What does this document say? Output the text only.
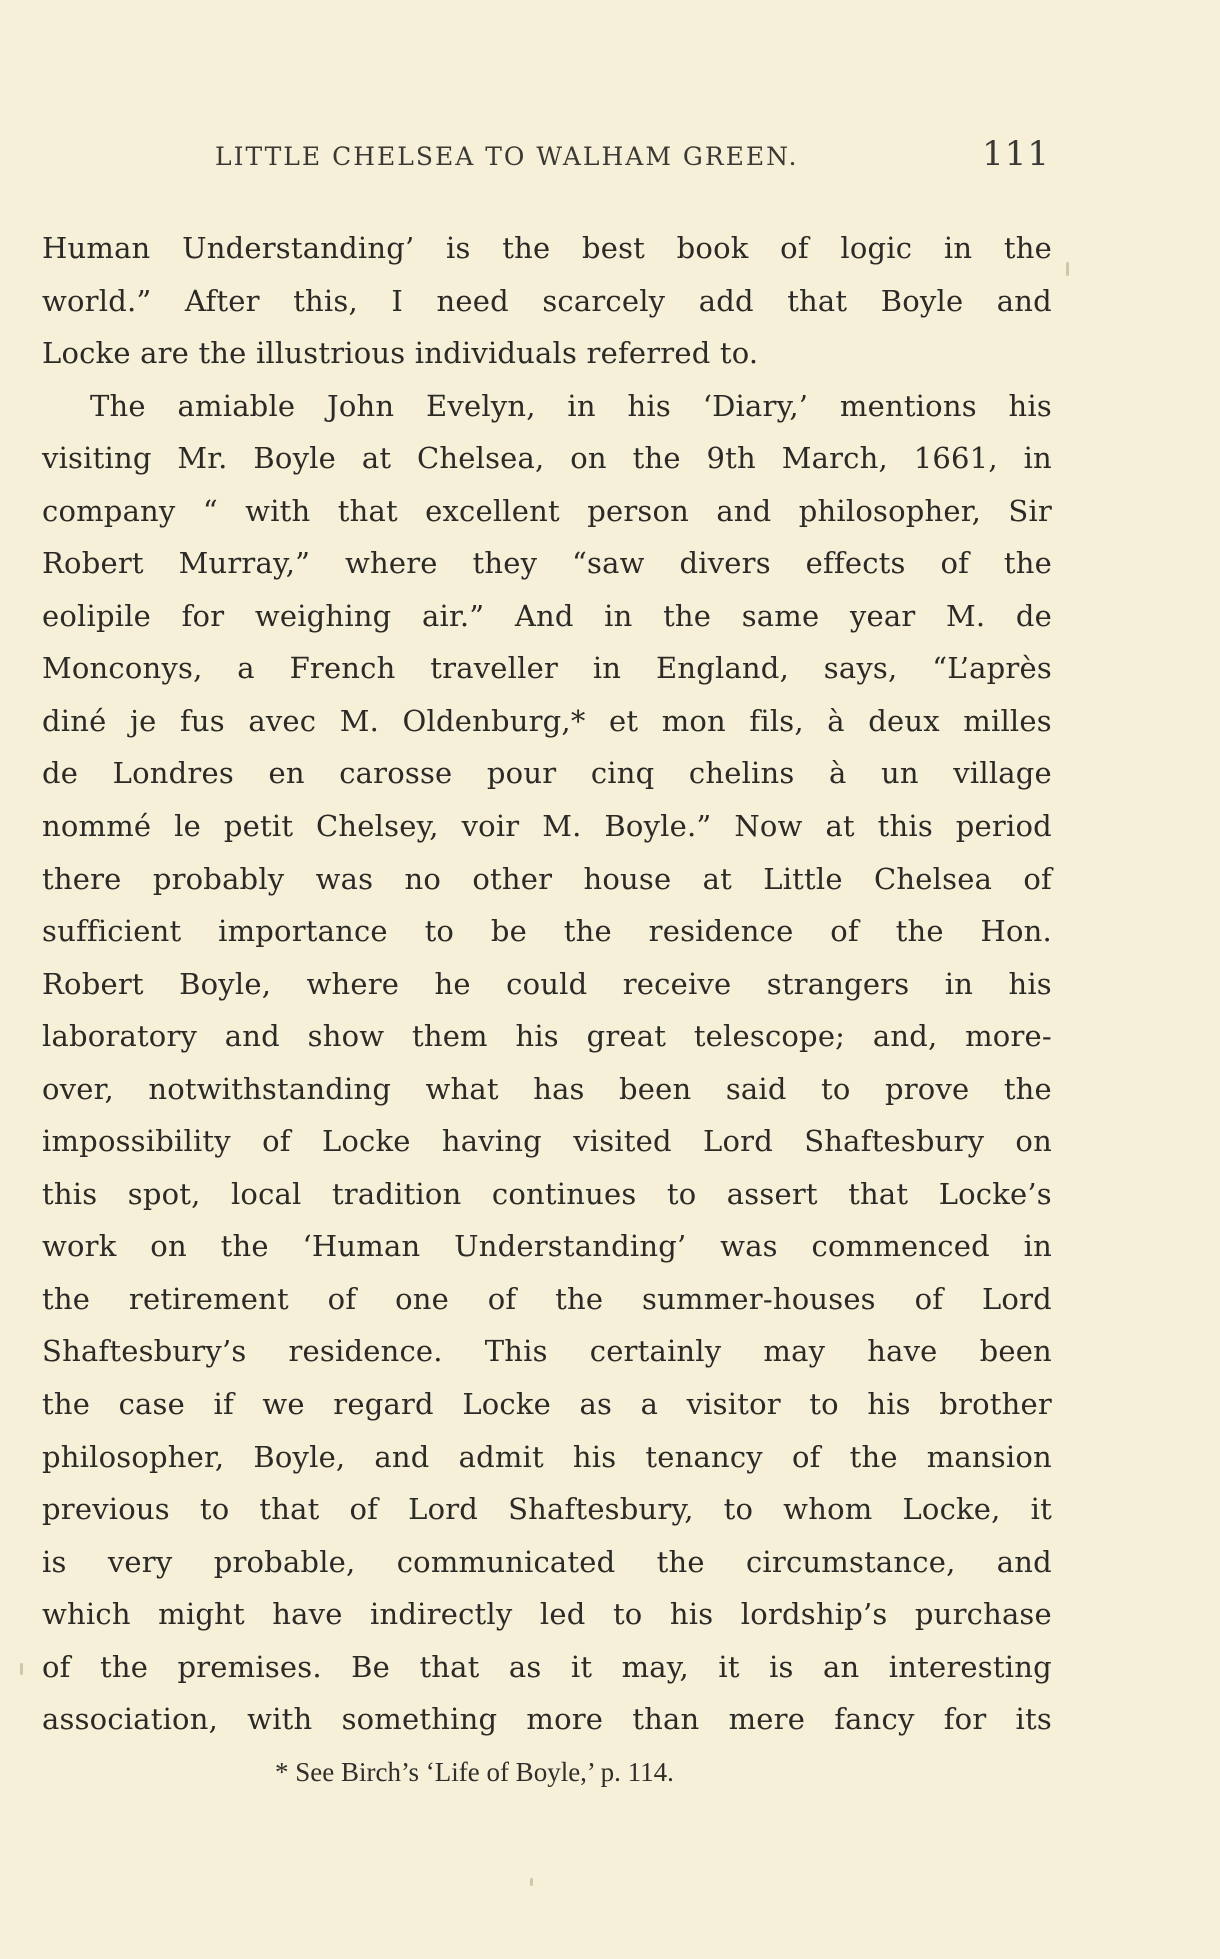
LITTLE CHELSEA TO WALHAM GREEN.	111
Human Understanding’ is the best book of logic in the
world.” After this, I need scarcely add that Boyle and
Locke are the illustrious individuals referred to.
The amiable John Evelyn, in his ‘Diary,’ mentions his
visiting Mr. Boyle at Chelsea, on the 9th March, 1661, in
company “ with that excellent person and philosopher, Sir
Robert Murray,” where they “saw divers effects of the
eolipile for weighing air.” And in the same year M. de
Monconys, a French traveller in England, says, “L’après
diné je fus avec M. Oldenburg,* et mon fils, à deux milles
de Londres en carosse pour cinq chelins à un village
nommé le petit Chelsey, voir M. Boyle.” Now at this period
there probably was no other house at Little Chelsea of
sufficient importance to be the residence of the Hon.
Robert Boyle, where he could receive strangers in his
laboratory and show them his great telescope; and, more-
over, notwithstanding what has been said to prove the
impossibility of Locke having visited Lord Shaftesbury on
this spot, local tradition continues to assert that Locke’s
work on the ‘Human Understanding’ was commenced in
the retirement of one of the summer-houses of Lord
Shaftesbury’s residence. This certainly may have been
the case if we regard Locke as a visitor to his brother
philosopher, Boyle, and admit his tenancy of the mansion
previous to that of Lord Shaftesbury, to whom Locke, it
is very probable, communicated the circumstance, and
which might have indirectly led to his lordship’s purchase
of the premises. Be that as it may, it is an interesting
association, with something more than mere fancy for its
* See Birch’s ‘Life of Boyle,’ p. 114.
